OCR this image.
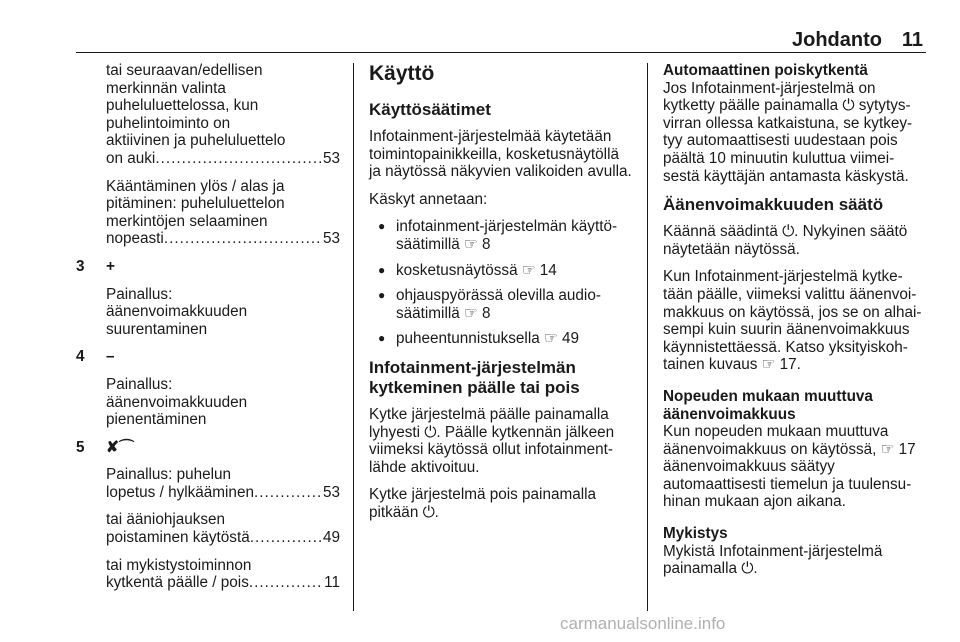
Johdanto 11

tai seuraavan/edellisen
merkinnän valinta
puheluluettelossa, kun
puhelintoiminto on
aktiivinen ja puheluluettelo
on auki .....	53

Kääntäminen ylös / alas ja
pitäminen: puheluluettelon
merkintöjen selaaminen
nopeasti .....	53

3 +
Painallus:
äänenvoimakkuuden
suurentaminen
4 –
Painallus:
äänenvoimakkuuden
pienentäminen
5 ✘⌒

Painallus: puhelun
lopetus / hylkääminen .....	53

tai ääniohjauksen
poistaminen käytöstä .....	49

tai mykistystoiminnon
kytkentä päälle / pois .....	11

Käyttö
Käyttösäätimet

Infotainment-järjestelmää käytetään toimintopainikkeilla, kosketusnäytöllä ja näytössä näkyvien valikoiden avulla.

Käskyt annetaan:

● infotainment-järjestelmän käyttö-säätimillä ☞ 8
● kosketusnäytössä ☞ 14
● ohjauspyörässä olevilla audio-säätimillä ☞ 8
● puheentunnistuksella ☞ 49
Infotainment-järjestelmän kytkeminen päälle tai pois

Kytke järjestelmä päälle painamalla lyhyesti ⏻. Päälle kytkennän jälkeen viimeksi käytössä ollut infotainment-lähde aktivoituu.

Kytke järjestelmä pois painamalla pitkään ⏻.

Automaattinen poiskytkentä

Jos Infotainment-järjestelmä on kytketty päälle painamalla ⏻ sytytys-virran ollessa katkaistuna, se kytkey-tyy automaattisesti uudestaan pois päältä 10 minuutin kuluttua viimei-sestä käyttäjän antamasta käskystä.

Äänenvoimakkuuden säätö

Käännä säädintä ⏻. Nykyinen säätö näytetään näytössä.

Kun Infotainment-järjestelmä kytke-tään päälle, viimeksi valittu äänenvoi-makkuus on käytössä, jos se on alhai-sempi kuin suurin äänenvoimakkuus käynnistettäessä. Katso yksityiskoh-tainen kuvaus ☞ 17.

Nopeuden mukaan muuttuva äänenvoimakkuus

Kun nopeuden mukaan muuttuva äänenvoimakkuus on käytössä, ☞ 17 äänenvoimakkuus säätyy automaattisesti tiemelun ja tuulensu-hinan mukaan ajon aikana.

Mykistys

Mykistä Infotainment-järjestelmä painamalla ⏻.

carmanualsonline.info
